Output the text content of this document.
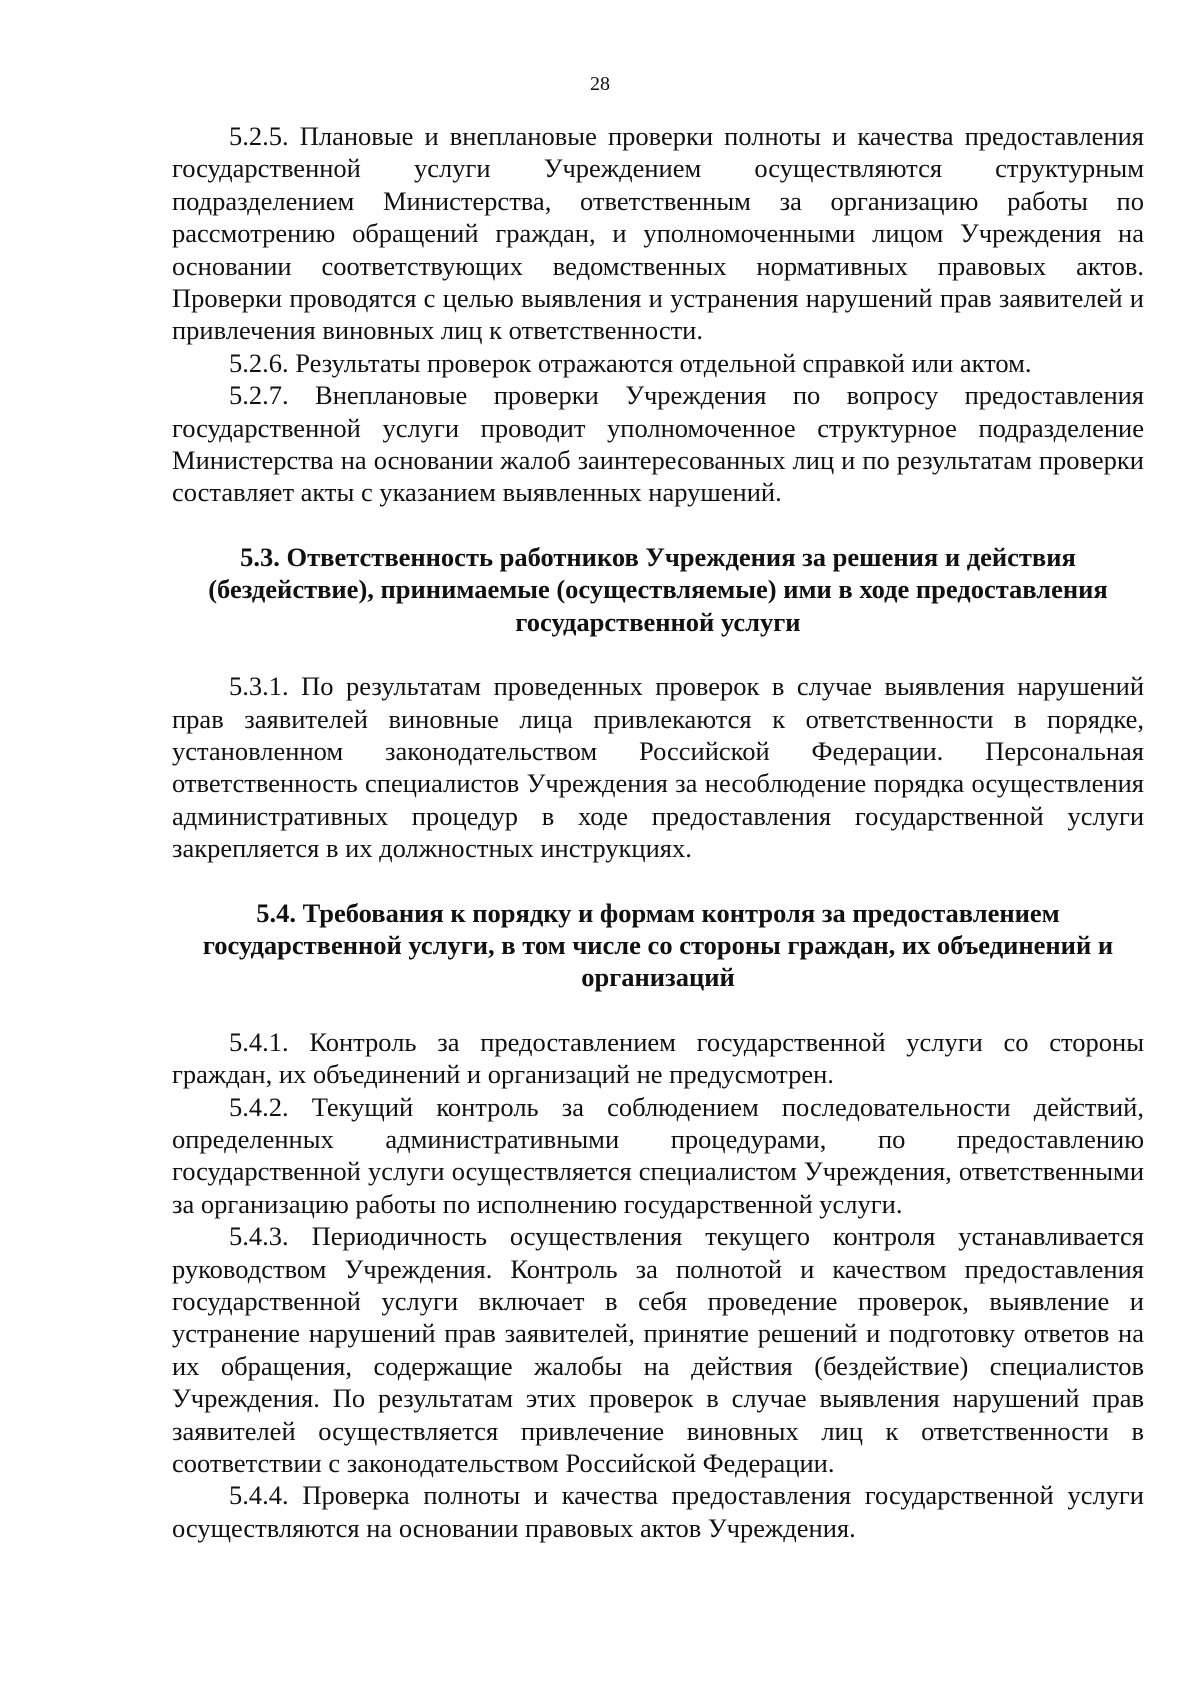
28

5.2.5. Плановые и внеплановые проверки полноты и качества предоставления государственной услуги Учреждением осуществляются структурным подразделением Министерства, ответственным за организацию работы по рассмотрению обращений граждан, и уполномоченными лицом Учреждения на основании соответствующих ведомственных нормативных правовых актов. Проверки проводятся с целью выявления и устранения нарушений прав заявителей и привлечения виновных лиц к ответственности.

5.2.6. Результаты проверок отражаются отдельной справкой или актом.

5.2.7. Внеплановые проверки Учреждения по вопросу предоставления государственной услуги проводит уполномоченное структурное подразделение Министерства на основании жалоб заинтересованных лиц и по результатам проверки составляет акты с указанием выявленных нарушений.

5.3. Ответственность работников Учреждения за решения и действия (бездействие), принимаемые (осуществляемые) ими в ходе предоставления государственной услуги

5.3.1. По результатам проведенных проверок в случае выявления нарушений прав заявителей виновные лица привлекаются к ответственности в порядке, установленном законодательством Российской Федерации. Персональная ответственность специалистов Учреждения за несоблюдение порядка осуществления административных процедур в ходе предоставления государственной услуги закрепляется в их должностных инструкциях.

5.4. Требования к порядку и формам контроля за предоставлением государственной услуги, в том числе со стороны граждан, их объединений и организаций

5.4.1. Контроль за предоставлением государственной услуги со стороны граждан, их объединений и организаций не предусмотрен.

5.4.2. Текущий контроль за соблюдением последовательности действий, определенных административными процедурами, по предоставлению государственной услуги осуществляется специалистом Учреждения, ответственными за организацию работы по исполнению государственной услуги.

5.4.3. Периодичность осуществления текущего контроля устанавливается руководством Учреждения. Контроль за полнотой и качеством предоставления государственной услуги включает в себя проведение проверок, выявление и устранение нарушений прав заявителей, принятие решений и подготовку ответов на их обращения, содержащие жалобы на действия (бездействие) специалистов Учреждения. По результатам этих проверок в случае выявления нарушений прав заявителей осуществляется привлечение виновных лиц к ответственности в соответствии с законодательством Российской Федерации.

5.4.4. Проверка полноты и качества предоставления государственной услуги осуществляются на основании правовых актов Учреждения.
